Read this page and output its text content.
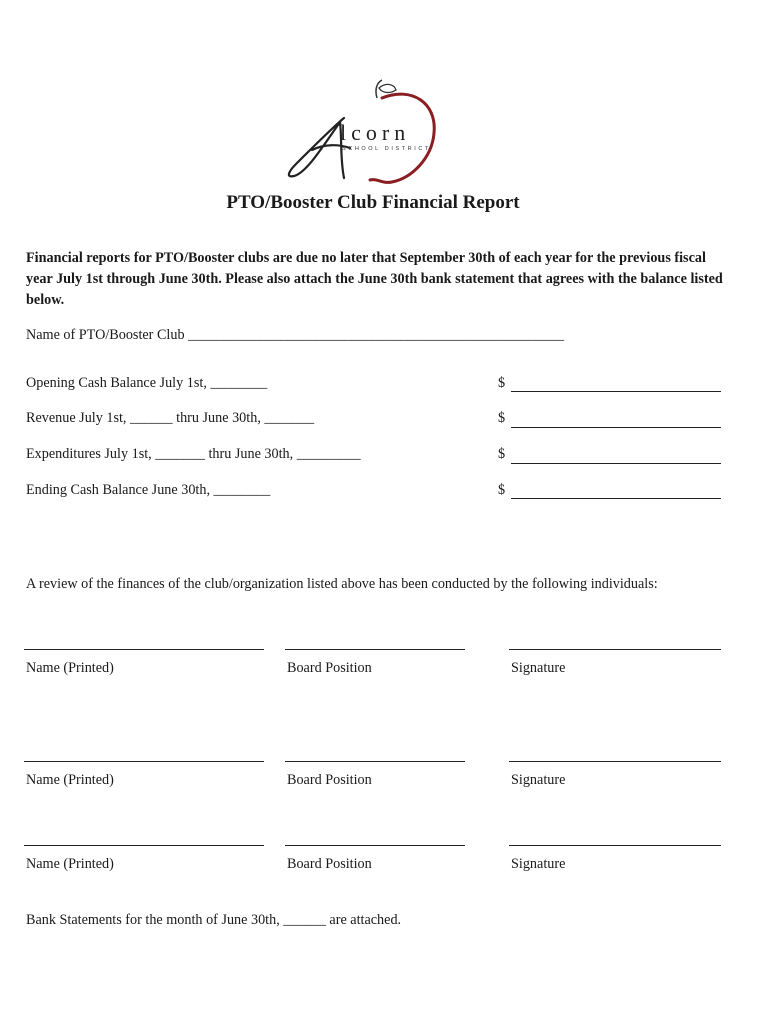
lcorn
SCHOOL DISTRICT
PTO/Booster Club Financial Report
Financial reports for PTO/Booster clubs are due no later that September 30th of each year for the previous fiscal year July 1st through June 30th. Please also attach the June 30th bank statement that agrees with the balance listed below.
Name of PTO/Booster Club _____________________________________________________
Opening Cash Balance July 1st, ________	$
Revenue July 1st, ______ thru June 30th, _______	$
Expenditures July 1st, _______ thru June 30th, _________	$
Ending Cash Balance June 30th, ________	$
A review of the finances of the club/organization listed above has been conducted by the following individuals:
Name (Printed)	Board Position	Signature
Name (Printed)	Board Position	Signature
Name (Printed)	Board Position	Signature
Bank Statements for the month of June 30th, ______ are attached.
